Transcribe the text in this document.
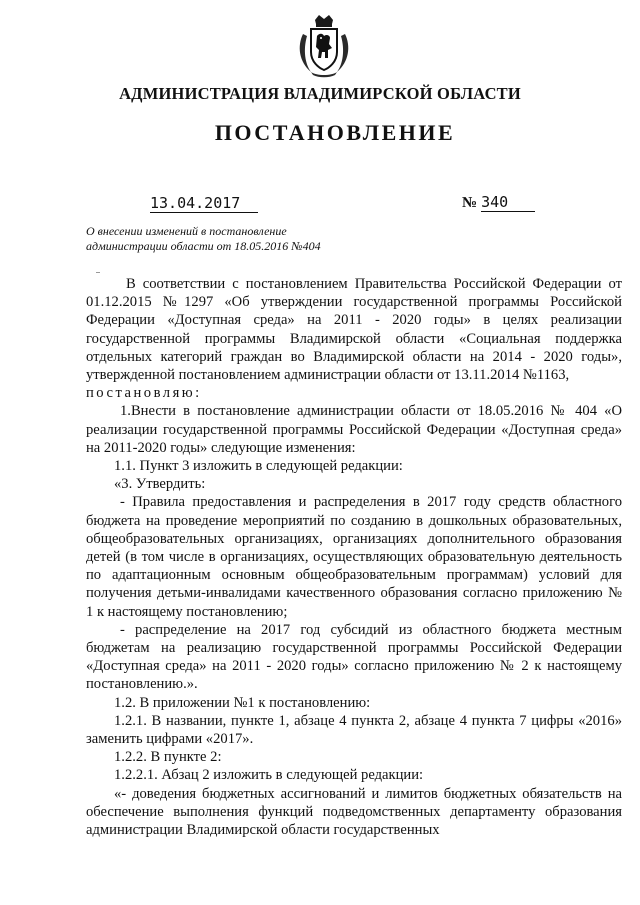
АДМИНИСТРАЦИЯ ВЛАДИМИРСКОЙ ОБЛАСТИ
ПОСТАНОВЛЕНИЕ
13.04.2017	№ 340
О внесении изменений в постановление
администрации области от 18.05.2016 №404

В соответствии с постановлением Правительства Российской Федерации от 01.12.2015 №1297 «Об утверждении государственной программы Российской Федерации «Доступная среда» на 2011 - 2020 годы» в целях реализации государственной программы Владимирской области «Социальная поддержка отдельных категорий граждан во Владимирской области на 2014 - 2020 годы», утвержденной постановлением администрации области от 13.11.2014 №1163,
постановляю:

1.Внести в постановление администрации области от 18.05.2016 № 404 «О реализации государственной программы Российской Федерации «Доступная среда» на 2011-2020 годы» следующие изменения:

1.1. Пункт 3 изложить в следующей редакции:

«3. Утвердить:

- Правила предоставления и распределения в 2017 году средств областного бюджета на проведение мероприятий по созданию в дошкольных образовательных, общеобразовательных организациях, организациях дополнительного образования детей (в том числе в организациях, осуществляющих образовательную деятельность по адаптационным основным общеобразовательным программам) условий для получения детьми-инвалидами качественного образования согласно приложению № 1 к настоящему постановлению;

- распределение на 2017 год субсидий из областного бюджета местным бюджетам на реализацию государственной программы Российской Федерации «Доступная среда» на 2011 - 2020 годы» согласно приложению № 2 к настоящему постановлению.».

1.2. В приложении №1 к постановлению:

1.2.1. В названии, пункте 1, абзаце 4 пункта 2, абзаце 4 пункта 7 цифры «2016» заменить цифрами «2017».

1.2.2. В пункте 2:

1.2.2.1. Абзац 2 изложить в следующей редакции:

«- доведения бюджетных ассигнований и лимитов бюджетных обязательств на обеспечение выполнения функций подведомственных департаменту образования администрации Владимирской области государственных
